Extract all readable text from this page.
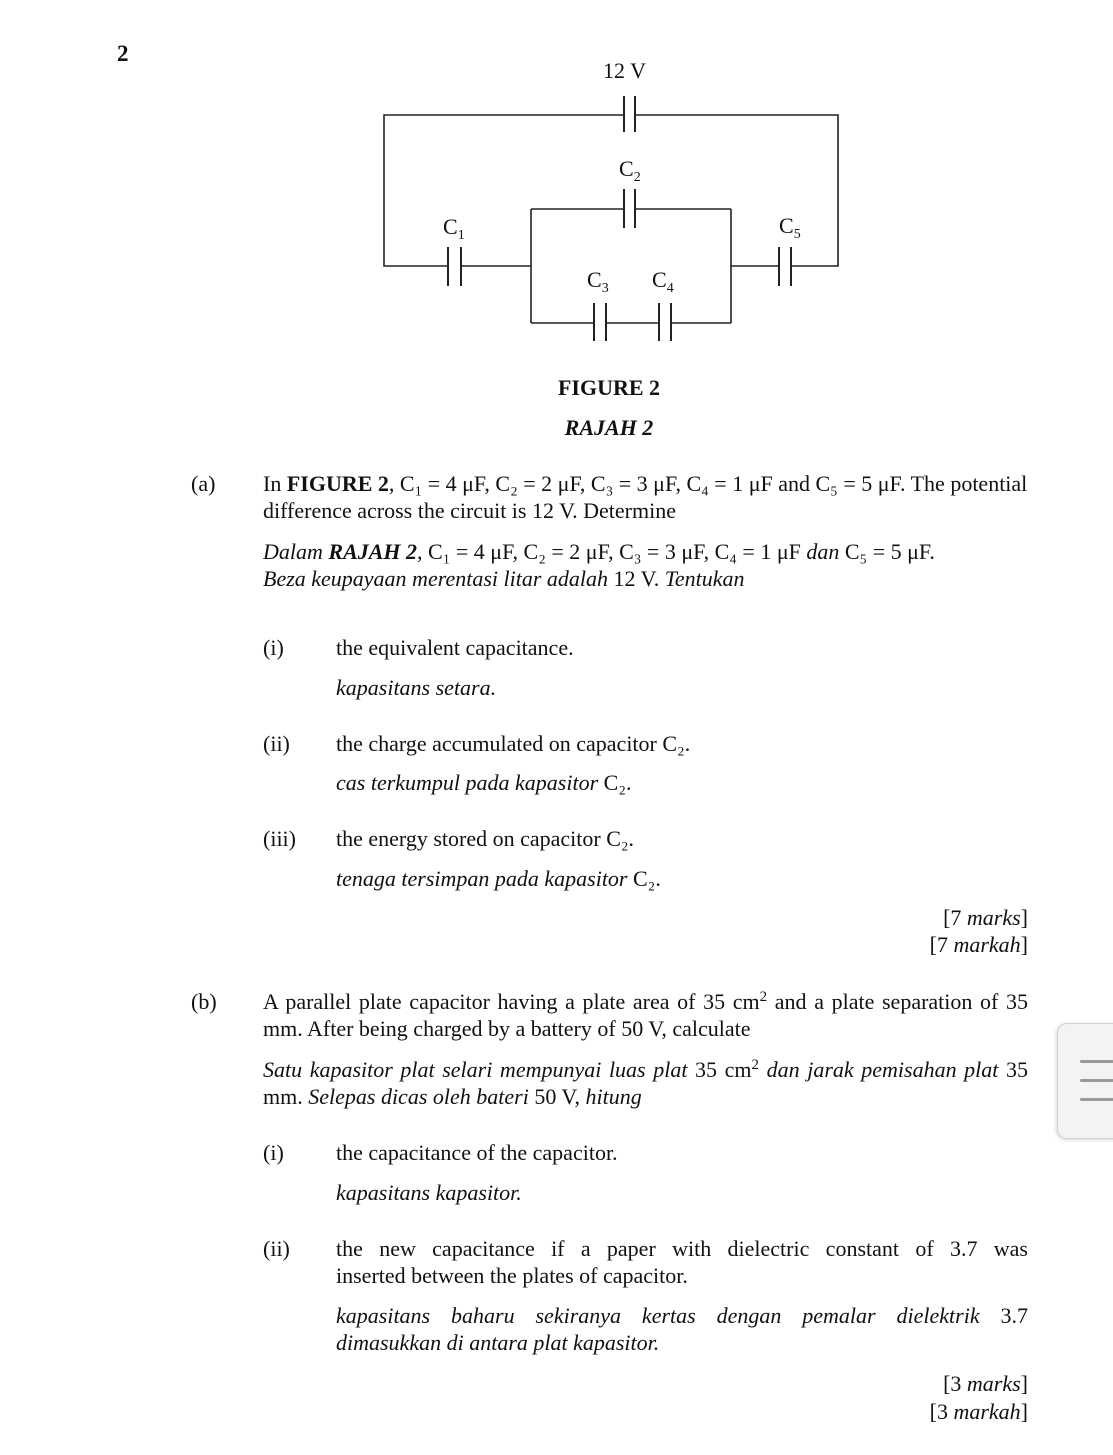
2
12 V
$C_2$
$C_1$	$C_5$
$C_3$ $C_4$
FIGURE 2
RAJAH 2
(a) In FIGURE 2, C₁ = 4 μF, C₂ = 2 μF, C₃ = 3 μF, C₄ = 1 μF and C₅ = 5 μF. The potential difference across the circuit is 12 V. Determine

Dalam RAJAH 2, C₁ = 4 μF, C₂ = 2 μF, C₃ = 3 μF, C₄ = 1 μF dan C₅ = 5 μF.
Beza keupayaan merentasi litar adalah 12 V. Tentukan

(i) the equivalent capacitance.
kapasitans setara.
(ii) the charge accumulated on capacitor C₂.
cas terkumpul pada kapasitor C₂.
(iii) the energy stored on capacitor C₂.
tenaga tersimpan pada kapasitor C₂.
[7 marks]
[7 markah]
(b) A parallel plate capacitor having a plate area of 35 $cm^2$ and a plate separation of 35 mm. After being charged by a battery of 50 V, calculate

Satu kapasitor plat selari mempunyai luas plat 35 $cm^2$ dan jarak pemisahan plat 35 mm. Selepas dicas oleh bateri 50 V, hitung

(i) the capacitance of the capacitor.
kapasitans kapasitor.
(ii) the new capacitance if a paper with dielectric constant of 3.7 was
inserted between the plates of capacitor.
kapasitans baharu sekiranya kertas dengan pemalar dielektrik 3.7
dimasukkan di antara plat kapasitor.
[3 marks]
[3 markah]
